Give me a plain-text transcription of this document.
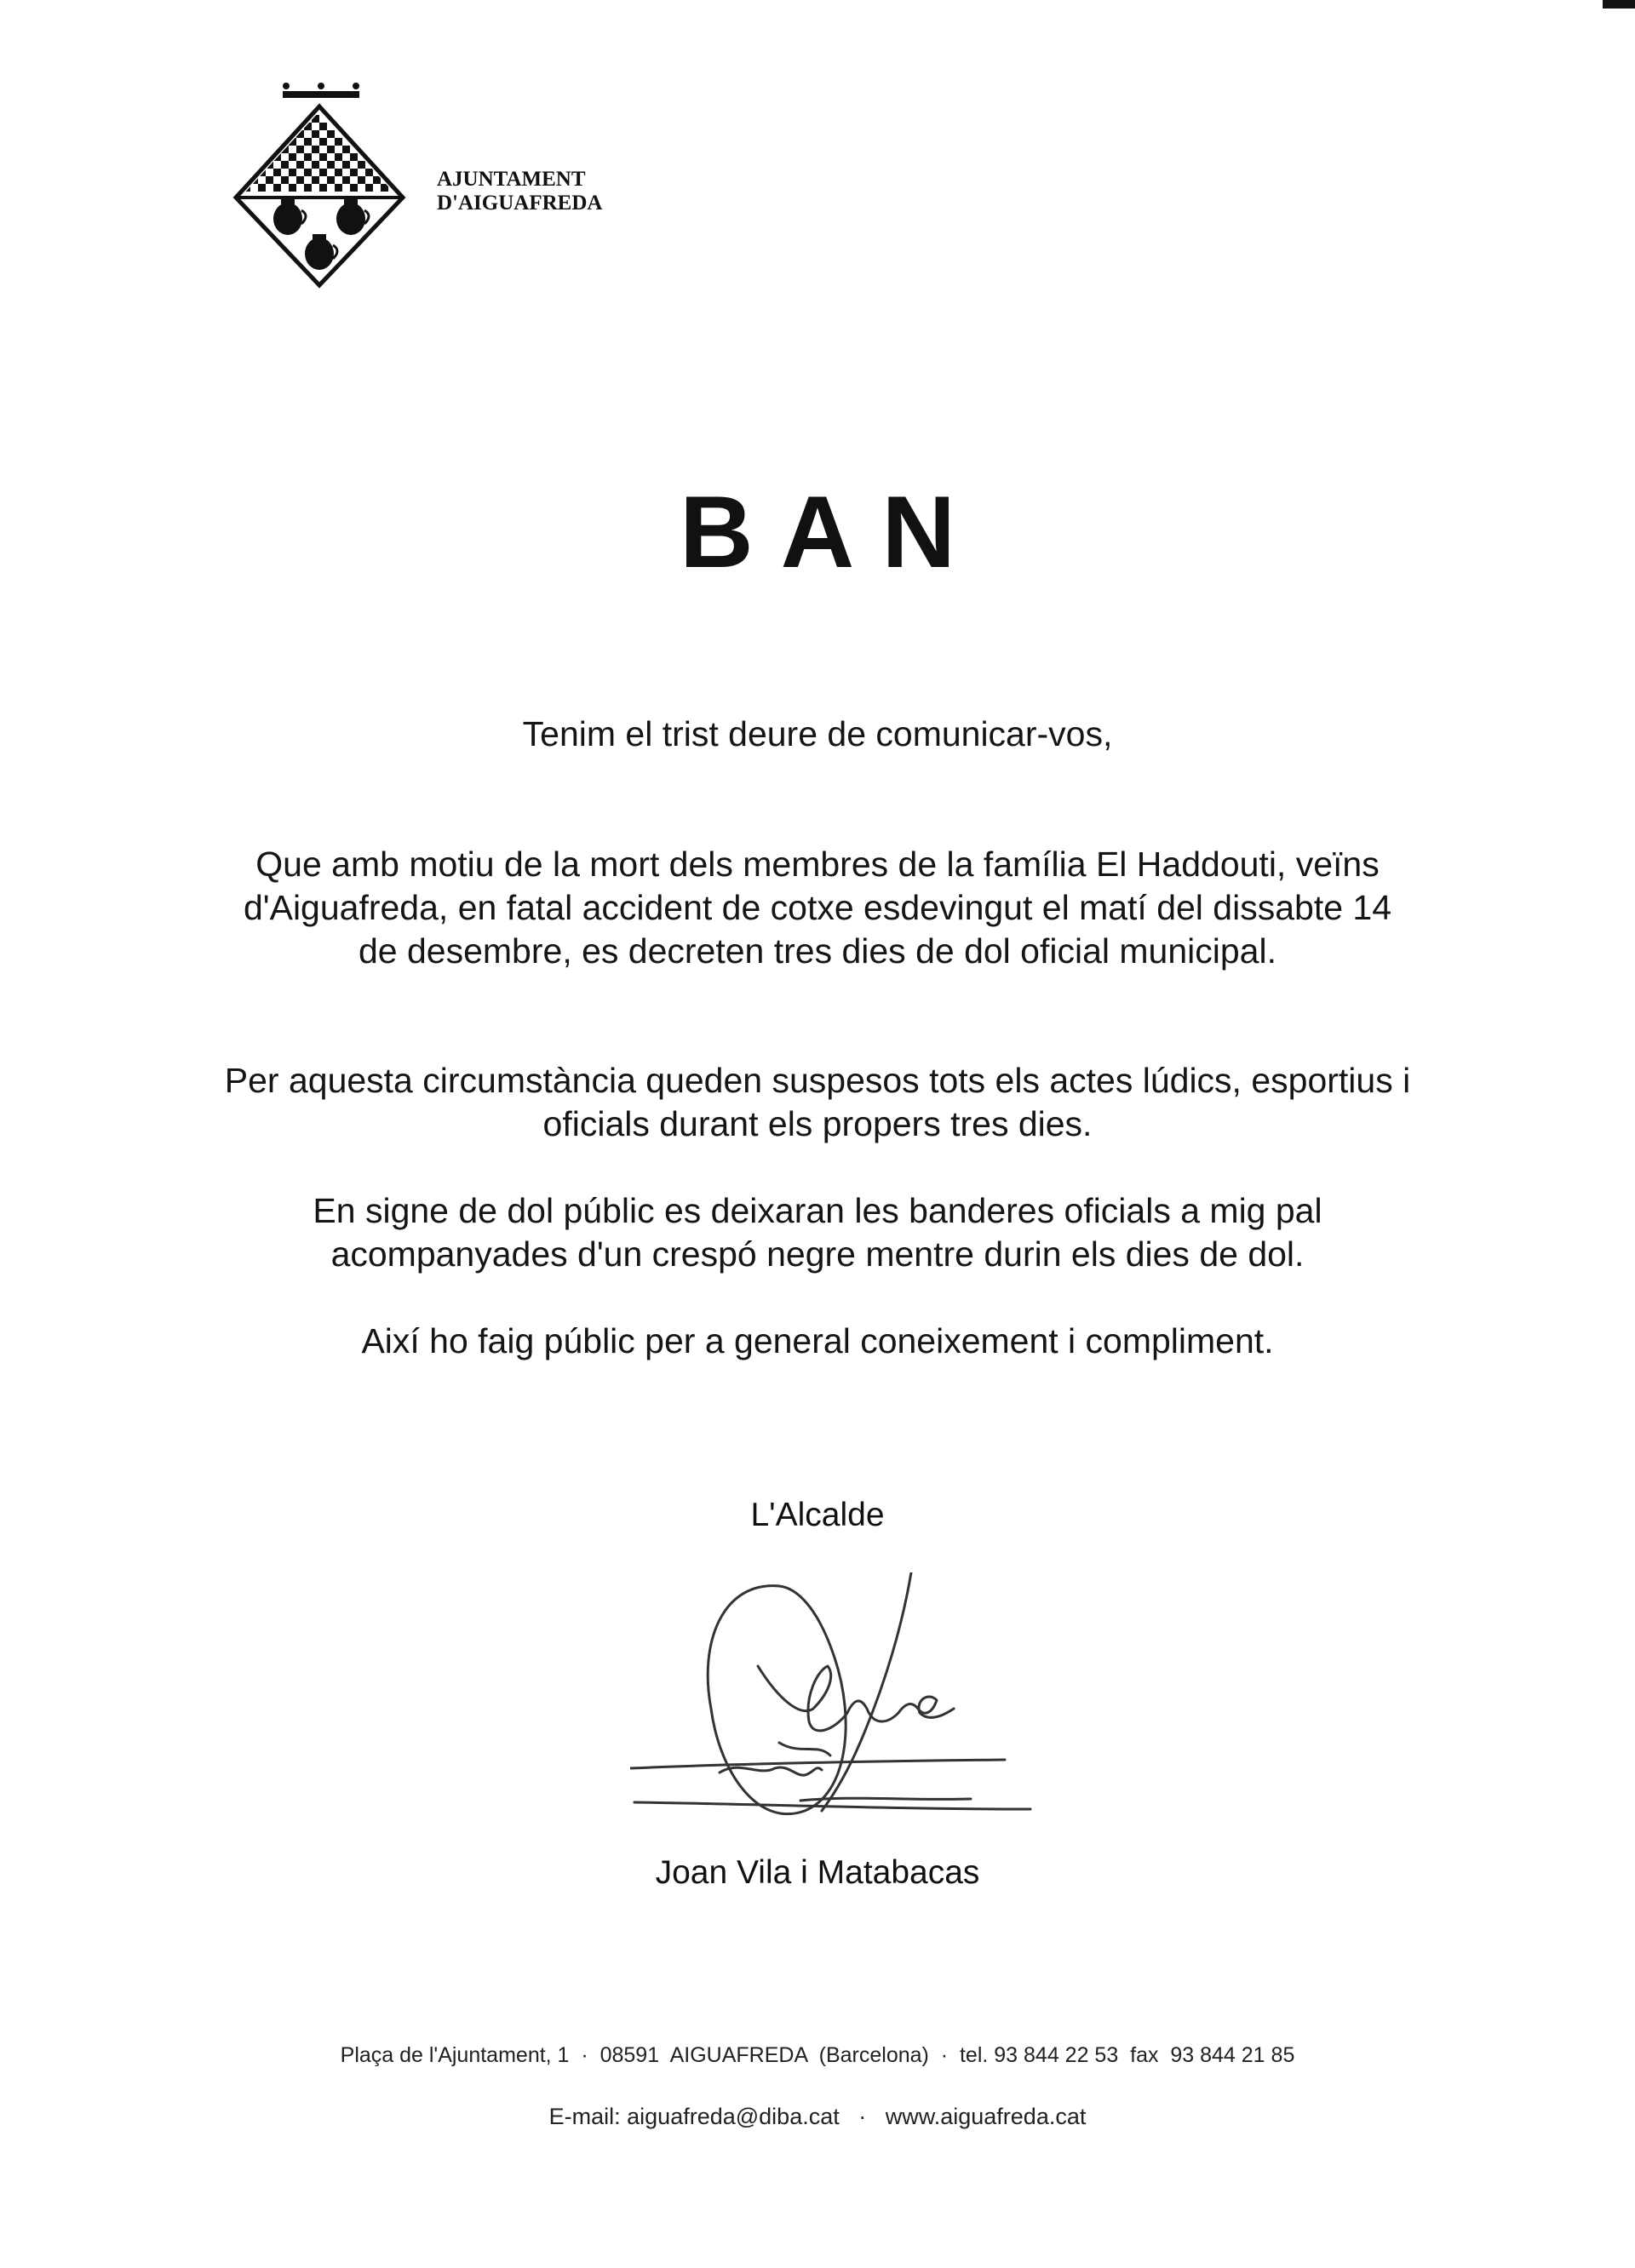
AJUNTAMENT
D'AIGUAFREDA
BAN

Tenim el trist deure de comunicar-vos,

Que amb motiu de la mort dels membres de la família El Haddouti, veïns d'Aiguafreda, en fatal accident de cotxe esdevingut el matí del dissabte 14 de desembre, es decreten tres dies de dol oficial municipal.

Per aquesta circumstància queden suspesos tots els actes lúdics, esportius i oficials durant els propers tres dies.

En signe de dol públic es deixaran les banderes oficials a mig pal acompanyades d'un crespó negre mentre durin els dies de dol.

Així ho faig públic per a general coneixement i compliment.

L'Alcalde
Joan Vila i Matabacas
Plaça de l'Ajuntament, 1  ·  08591  AIGUAFREDA  (Barcelona)  ·  tel. 93 844 22 53  fax  93 844 21 85
E-mail: aiguafreda@diba.cat   ·   www.aiguafreda.cat
